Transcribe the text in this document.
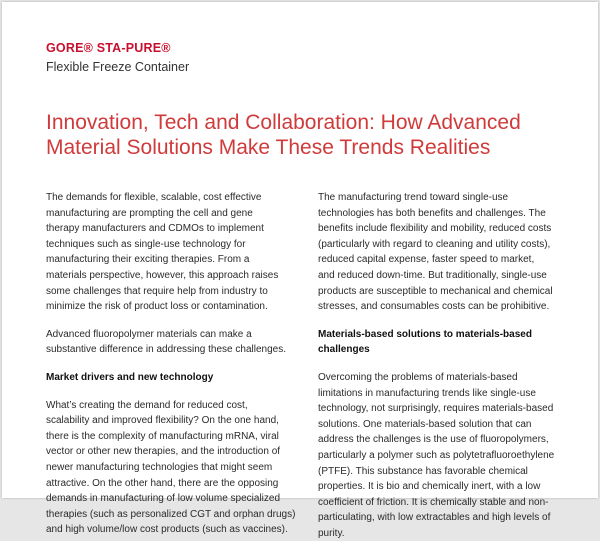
GORE® STA-PURE®
Flexible Freeze Container
Innovation, Tech and Collaboration: How Advanced
Material Solutions Make These Trends Realities

The demands for flexible, scalable, cost effective
manufacturing are prompting the cell and gene
therapy manufacturers and CDMOs to implement
techniques such as single-use technology for
manufacturing their exciting therapies. From a
materials perspective, however, this approach raises
some challenges that require help from industry to
minimize the risk of product loss or contamination.

Advanced fluoropolymer materials can make a
substantive difference in addressing these challenges.

Market drivers and new technology

What’s creating the demand for reduced cost,
scalability and improved flexibility? On the one hand,
there is the complexity of manufacturing mRNA, viral
vector or other new therapies, and the introduction of
newer manufacturing technologies that might seem
attractive. On the other hand, there are the opposing
demands in manufacturing of low volume specialized
therapies (such as personalized CGT and orphan drugs)
and high volume/low cost products (such as vaccines).

The manufacturing trend toward single-use
technologies has both benefits and challenges. The
benefits include flexibility and mobility, reduced costs
(particularly with regard to cleaning and utility costs),
reduced capital expense, faster speed to market,
and reduced down-time. But traditionally, single-use
products are susceptible to mechanical and chemical
stresses, and consumables costs can be prohibitive.

Materials-based solutions to materials-based
challenges

Overcoming the problems of materials-based
limitations in manufacturing trends like single-use
technology, not surprisingly, requires materials-based
solutions. One materials-based solution that can
address the challenges is the use of fluoropolymers,
particularly a polymer such as polytetrafluoroethylene
(PTFE). This substance has favorable chemical
properties. It is bio and chemically inert, with a low
coefficient of friction. It is chemically stable and non-
particulating, with low extractables and high levels of
purity.
